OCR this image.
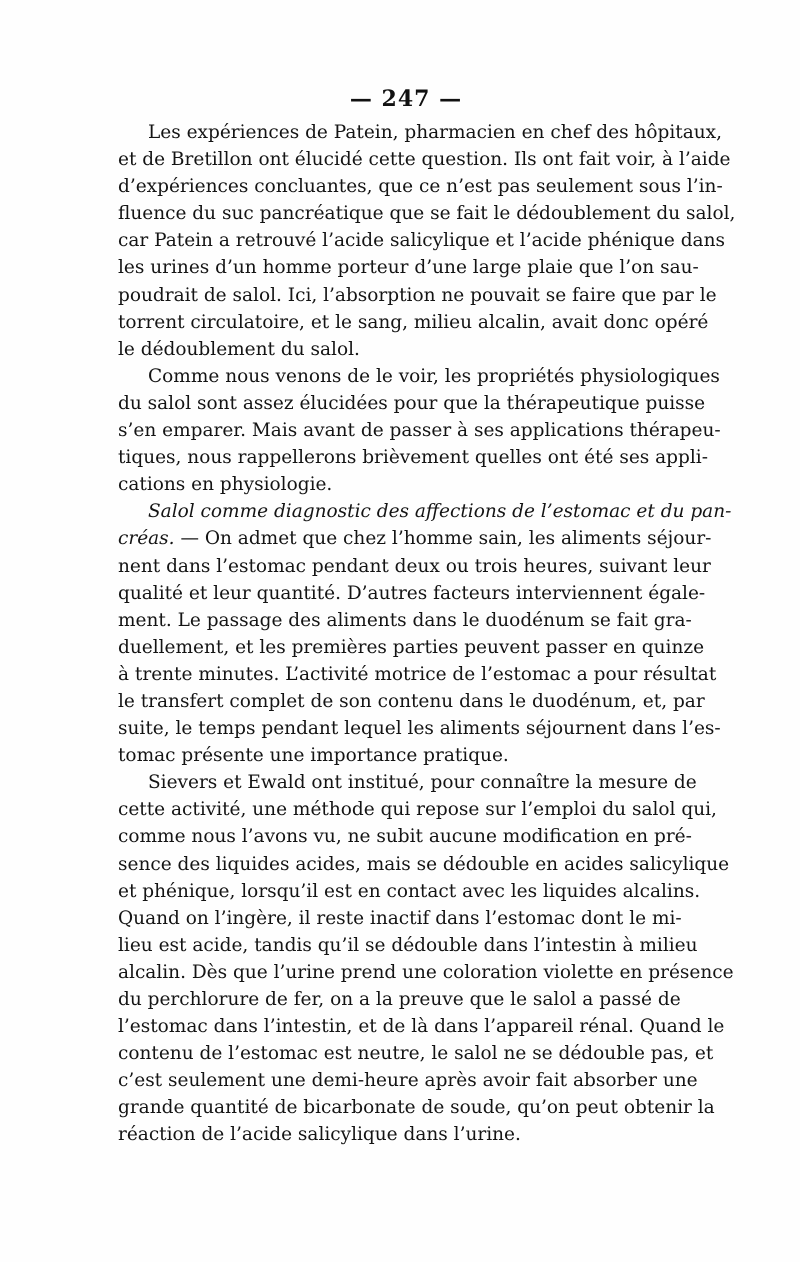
— 247 —
Les expériences de Patein, pharmacien en chef des hôpitaux,
et de Bretillon ont élucidé cette question. Ils ont fait voir, à l’aide
d’expériences concluantes, que ce n’est pas seulement sous l’in-
fluence du suc pancréatique que se fait le dédoublement du salol,
car Patein a retrouvé l’acide salicylique et l’acide phénique dans
les urines d’un homme porteur d’une large plaie que l’on sau-
poudrait de salol. Ici, l’absorption ne pouvait se faire que par le
torrent circulatoire, et le sang, milieu alcalin, avait donc opéré
le dédoublement du salol.
Comme nous venons de le voir, les propriétés physiologiques
du salol sont assez élucidées pour que la thérapeutique puisse
s’en emparer. Mais avant de passer à ses applications thérapeu-
tiques, nous rappellerons brièvement quelles ont été ses appli-
cations en physiologie.
Salol comme diagnostic des affections de l’estomac et du pan-
créas. — On admet que chez l’homme sain, les aliments séjour-
nent dans l’estomac pendant deux ou trois heures, suivant leur
qualité et leur quantité. D’autres facteurs interviennent égale-
ment. Le passage des aliments dans le duodénum se fait gra-
duellement, et les premières parties peuvent passer en quinze
à trente minutes. L’activité motrice de l’estomac a pour résultat
le transfert complet de son contenu dans le duodénum, et, par
suite, le temps pendant lequel les aliments séjournent dans l’es-
tomac présente une importance pratique.
Sievers et Ewald ont institué, pour connaître la mesure de
cette activité, une méthode qui repose sur l’emploi du salol qui,
comme nous l’avons vu, ne subit aucune modification en pré-
sence des liquides acides, mais se dédouble en acides salicylique
et phénique, lorsqu’il est en contact avec les liquides alcalins.
Quand on l’ingère, il reste inactif dans l’estomac dont le mi-
lieu est acide, tandis qu’il se dédouble dans l’intestin à milieu
alcalin. Dès que l’urine prend une coloration violette en présence
du perchlorure de fer, on a la preuve que le salol a passé de
l’estomac dans l’intestin, et de là dans l’appareil rénal. Quand le
contenu de l’estomac est neutre, le salol ne se dédouble pas, et
c’est seulement une demi-heure après avoir fait absorber une
grande quantité de bicarbonate de soude, qu’on peut obtenir la
réaction de l’acide salicylique dans l’urine.
